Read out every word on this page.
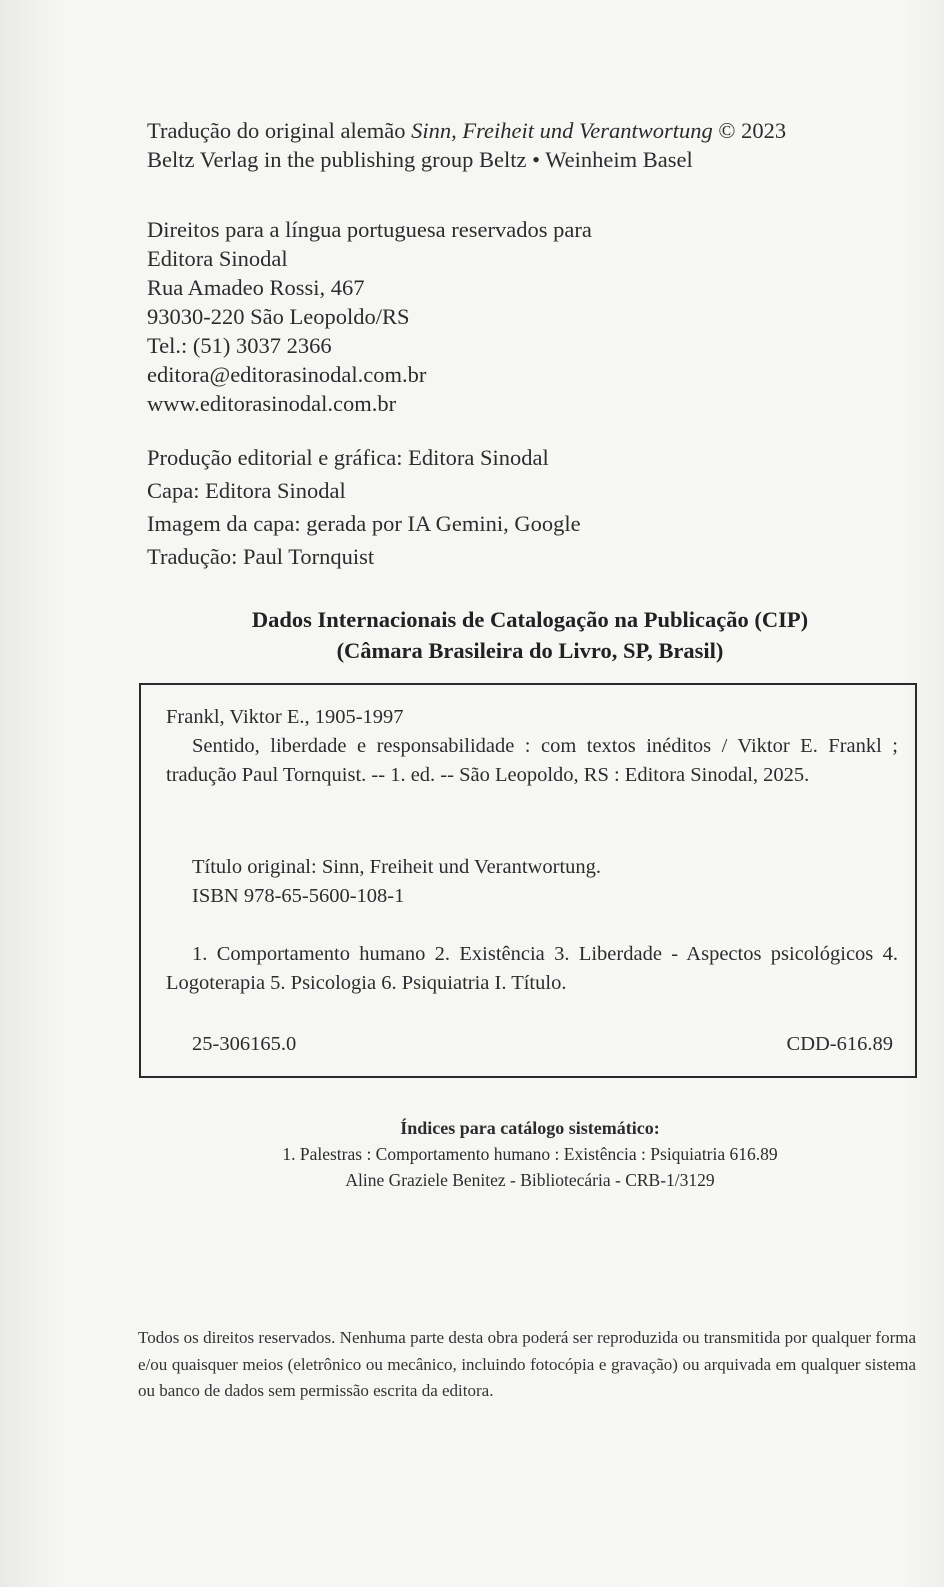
Tradução do original alemão Sinn, Freiheit und Verantwortung © 2023
Beltz Verlag in the publishing group Beltz • Weinheim Basel
Direitos para a língua portuguesa reservados para
Editora Sinodal
Rua Amadeo Rossi, 467
93030-220 São Leopoldo/RS
Tel.: (51) 3037 2366
editora@editorasinodal.com.br
www.editorasinodal.com.br
Produção editorial e gráfica: Editora Sinodal
Capa: Editora Sinodal
Imagem da capa: gerada por IA Gemini, Google
Tradução: Paul Tornquist
Dados Internacionais de Catalogação na Publicação (CIP)
(Câmara Brasileira do Livro, SP, Brasil)
Frankl, Viktor E., 1905-1997
Sentido, liberdade e responsabilidade : com textos inéditos / Viktor E. Frankl ; tradução Paul Tornquist. -- 1. ed. -- São Leopoldo, RS : Editora Sinodal, 2025.
Título original: Sinn, Freiheit und Verantwortung.
ISBN 978-65-5600-108-1
1. Comportamento humano 2. Existência 3. Liberdade - Aspectos psicológicos 4. Logoterapia 5. Psicologia 6. Psiquiatria I. Título.
25-306165.0	CDD-616.89
Índices para catálogo sistemático:
1. Palestras : Comportamento humano : Existência : Psiquiatria 616.89
Aline Graziele Benitez - Bibliotecária - CRB-1/3129
Todos os direitos reservados. Nenhuma parte desta obra poderá ser reproduzida ou transmitida por qualquer forma e/ou quaisquer meios (eletrônico ou mecânico, incluindo fotocópia e gravação) ou arquivada em qualquer sistema ou banco de dados sem permissão escrita da editora.
